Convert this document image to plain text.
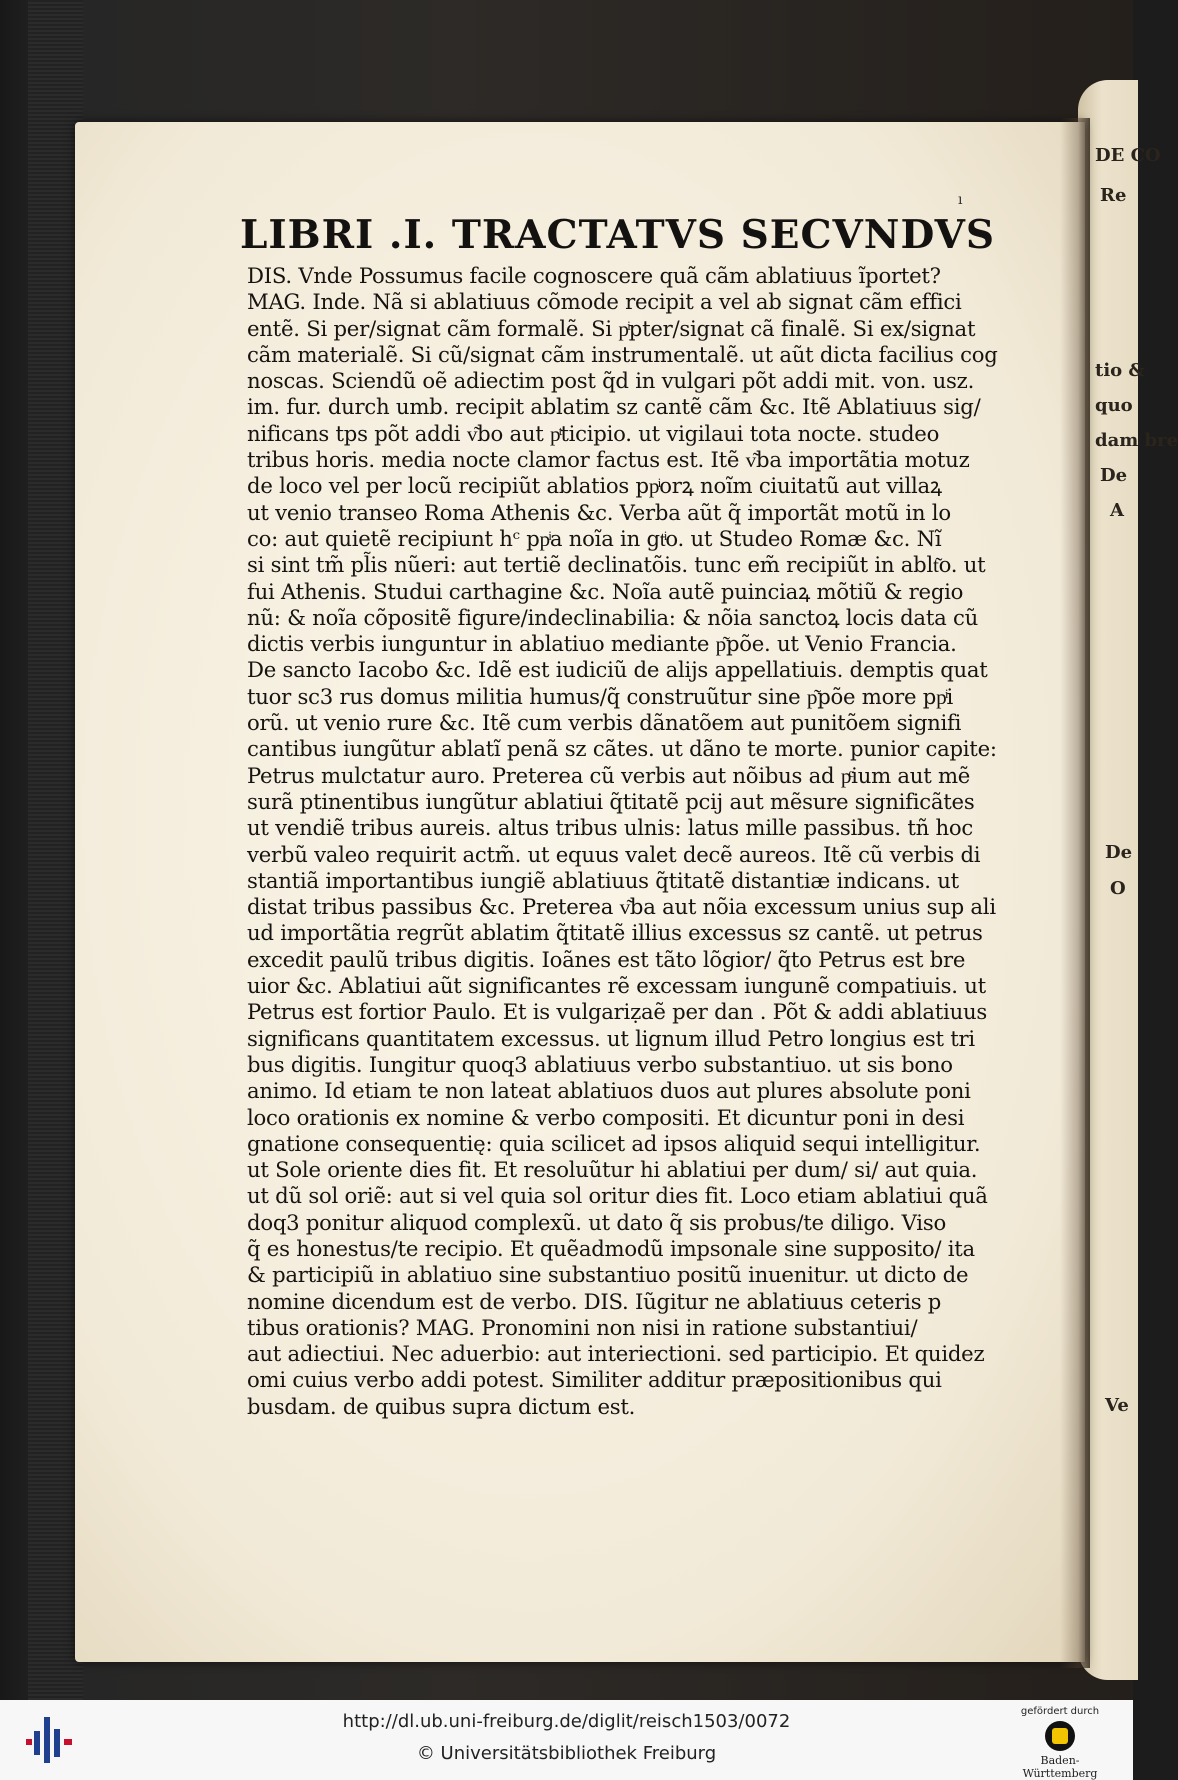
DE CO
Re
tio &
quo
dam bre
De
A
De
O
Ve
ı
LIBRI .I. TRACTATVS SECVNDVS
DIS. Vnde Possumus facile cognoscere quã cãm ablatiuus ĩportet?
MAG. Inde. Nã si ablatiuus cõmode recipit a vel ab signat cãm effici
entẽ. Si per/signat cãm formalẽ. Si pͥpter/signat cã finalẽ. Si ex/signat
cãm materialẽ. Si cũ/signat cãm instrumentalẽ. ut aũt dicta facilius cog
noscas. Sciendũ oẽ adiectim post q̃d in vulgari põt addi mit. von. usz.
im. fur. durch umb. recipit ablatim sz cantẽ cãm &c. Itẽ Ablatiuus sig/
nificans tps põt addi v͂bo aut pͭticipio. ut vigilaui tota nocte. studeo
tribus horis. media nocte clamor factus est. Itẽ v͂ba importãtia motuz
de loco vel per locũ recipiũt ablatios ppͥorꝝ noĩm ciuitatũ aut villaꝝ
ut venio transeo Roma Athenis &c. Verba aũt q̃ importãt motũ in lo
co: aut quietẽ recipiunt hᶜ ppͥa noĩa in gtͥo. ut Studeo Romæ &c. Nĩ
si sint tm̃ pl̃is nũeri: aut tertiẽ declinatõis. tunc em̃ recipiũt in ablt͂o. ut
fui Athenis. Studui carthagine &c. Noĩa autẽ puinciaꝝ mõtiũ & regio
nũ: & noĩa cõpositẽ figure/indeclinabilia: & nõia sanctoꝝ locis data cũ
dictis verbis iunguntur in ablatiuo mediante p͂põe. ut Venio Francia.
De sancto Iacobo &c. Idẽ est iudiciũ de alijs appellatiuis. demptis quat
tuor sc3 rus domus militia humus/q̃ construũtur sine p͂põe more ppͥi
orũ. ut venio rure &c. Itẽ cum verbis dãnatõem aut punitõem signifi
cantibus iungũtur ablatĩ penã sz cãtes. ut dãno te morte. punior capite:
Petrus mulctatur auro. Preterea cũ verbis aut nõibus ad pͨium aut mẽ
surã ptinentibus iungũtur ablatiui q̃titatẽ pcij aut mẽsure significãtes
ut vendiẽ tribus aureis. altus tribus ulnis: latus mille passibus. tñ hoc
verbũ valeo requirit actm̃. ut equus valet decẽ aureos. Itẽ cũ verbis di
stantiã importantibus iungiẽ ablatiuus q̃titatẽ distantiæ indicans. ut
distat tribus passibus &c. Preterea v͂ba aut nõia excessum unius sup ali
ud importãtia regrũt ablatim q̃titatẽ illius excessus sz cantẽ. ut petrus
excedit paulũ tribus digitis. Ioãnes est tãto lõgior/ q̃to Petrus est bre
uior &c. Ablatiui aũt significantes rẽ excessam iungunẽ compatiuis. ut
Petrus est fortior Paulo. Et is vulgariẓaẽ per dan . Põt & addi ablatiuus
significans quantitatem excessus. ut lignum illud Petro longius est tri
bus digitis. Iungitur quoq3 ablatiuus verbo substantiuo. ut sis bono
animo. Id etiam te non lateat ablatiuos duos aut plures absolute poni
loco orationis ex nomine & verbo compositi. Et dicuntur poni in desi
gnatione consequentię: quia scilicet ad ipsos aliquid sequi intelligitur.
ut Sole oriente dies fit. Et resoluũtur hi ablatiui per dum/ si/ aut quia.
ut dũ sol oriẽ: aut si vel quia sol oritur dies fit. Loco etiam ablatiui quã
doq3 ponitur aliquod complexũ. ut dato q̃ sis probus/te diligo. Viso
q̃ es honestus/te recipio. Et quẽadmodũ impsonale sine supposito/ ita
& participiũ in ablatiuo sine substantiuo positũ inuenitur. ut dicto de
nomine dicendum est de verbo. DIS. Iũgitur ne ablatiuus ceteris p
tibus orationis? MAG. Pronomini non nisi in ratione substantiui/
aut adiectiui. Nec aduerbio: aut interiectioni. sed participio. Et quidez
omi cuius verbo addi potest. Similiter additur præpositionibus qui
busdam. de quibus supra dictum est.
http://dl.ub.uni-freiburg.de/diglit/reisch1503/0072
© Universitätsbibliothek Freiburg
gefördert durch
Baden-Württemberg
